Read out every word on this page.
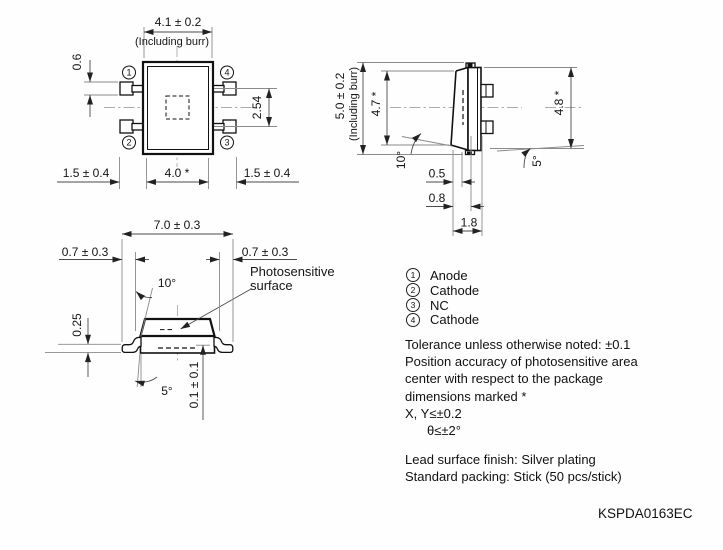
1	4
2	3
4.1 ± 0.2
(Including burr)
0.6
2.54
1.5 ± 0.4	4.0 *	1.5 ± 0.4
5.0 ± 0.2 (Including burr) 4.7 *	4.8 *
10°	5°
0.5
0.8
1.8
Photosensitive
surface
7.0 ± 0.3
0.7 ± 0.3	0.7 ± 0.3
10°
0.25
0.1 ± 0.1
5°
1	Anode
2	Cathode
3	NC
4	Cathode
Tolerance unless otherwise noted: ±0.1
Position accuracy of photosensitive area
center with respect to the package
dimensions marked *
X, Y≤±0.2
θ≤±2°
Lead surface finish: Silver plating
Standard packing: Stick (50 pcs/stick)
KSPDA0163EC
